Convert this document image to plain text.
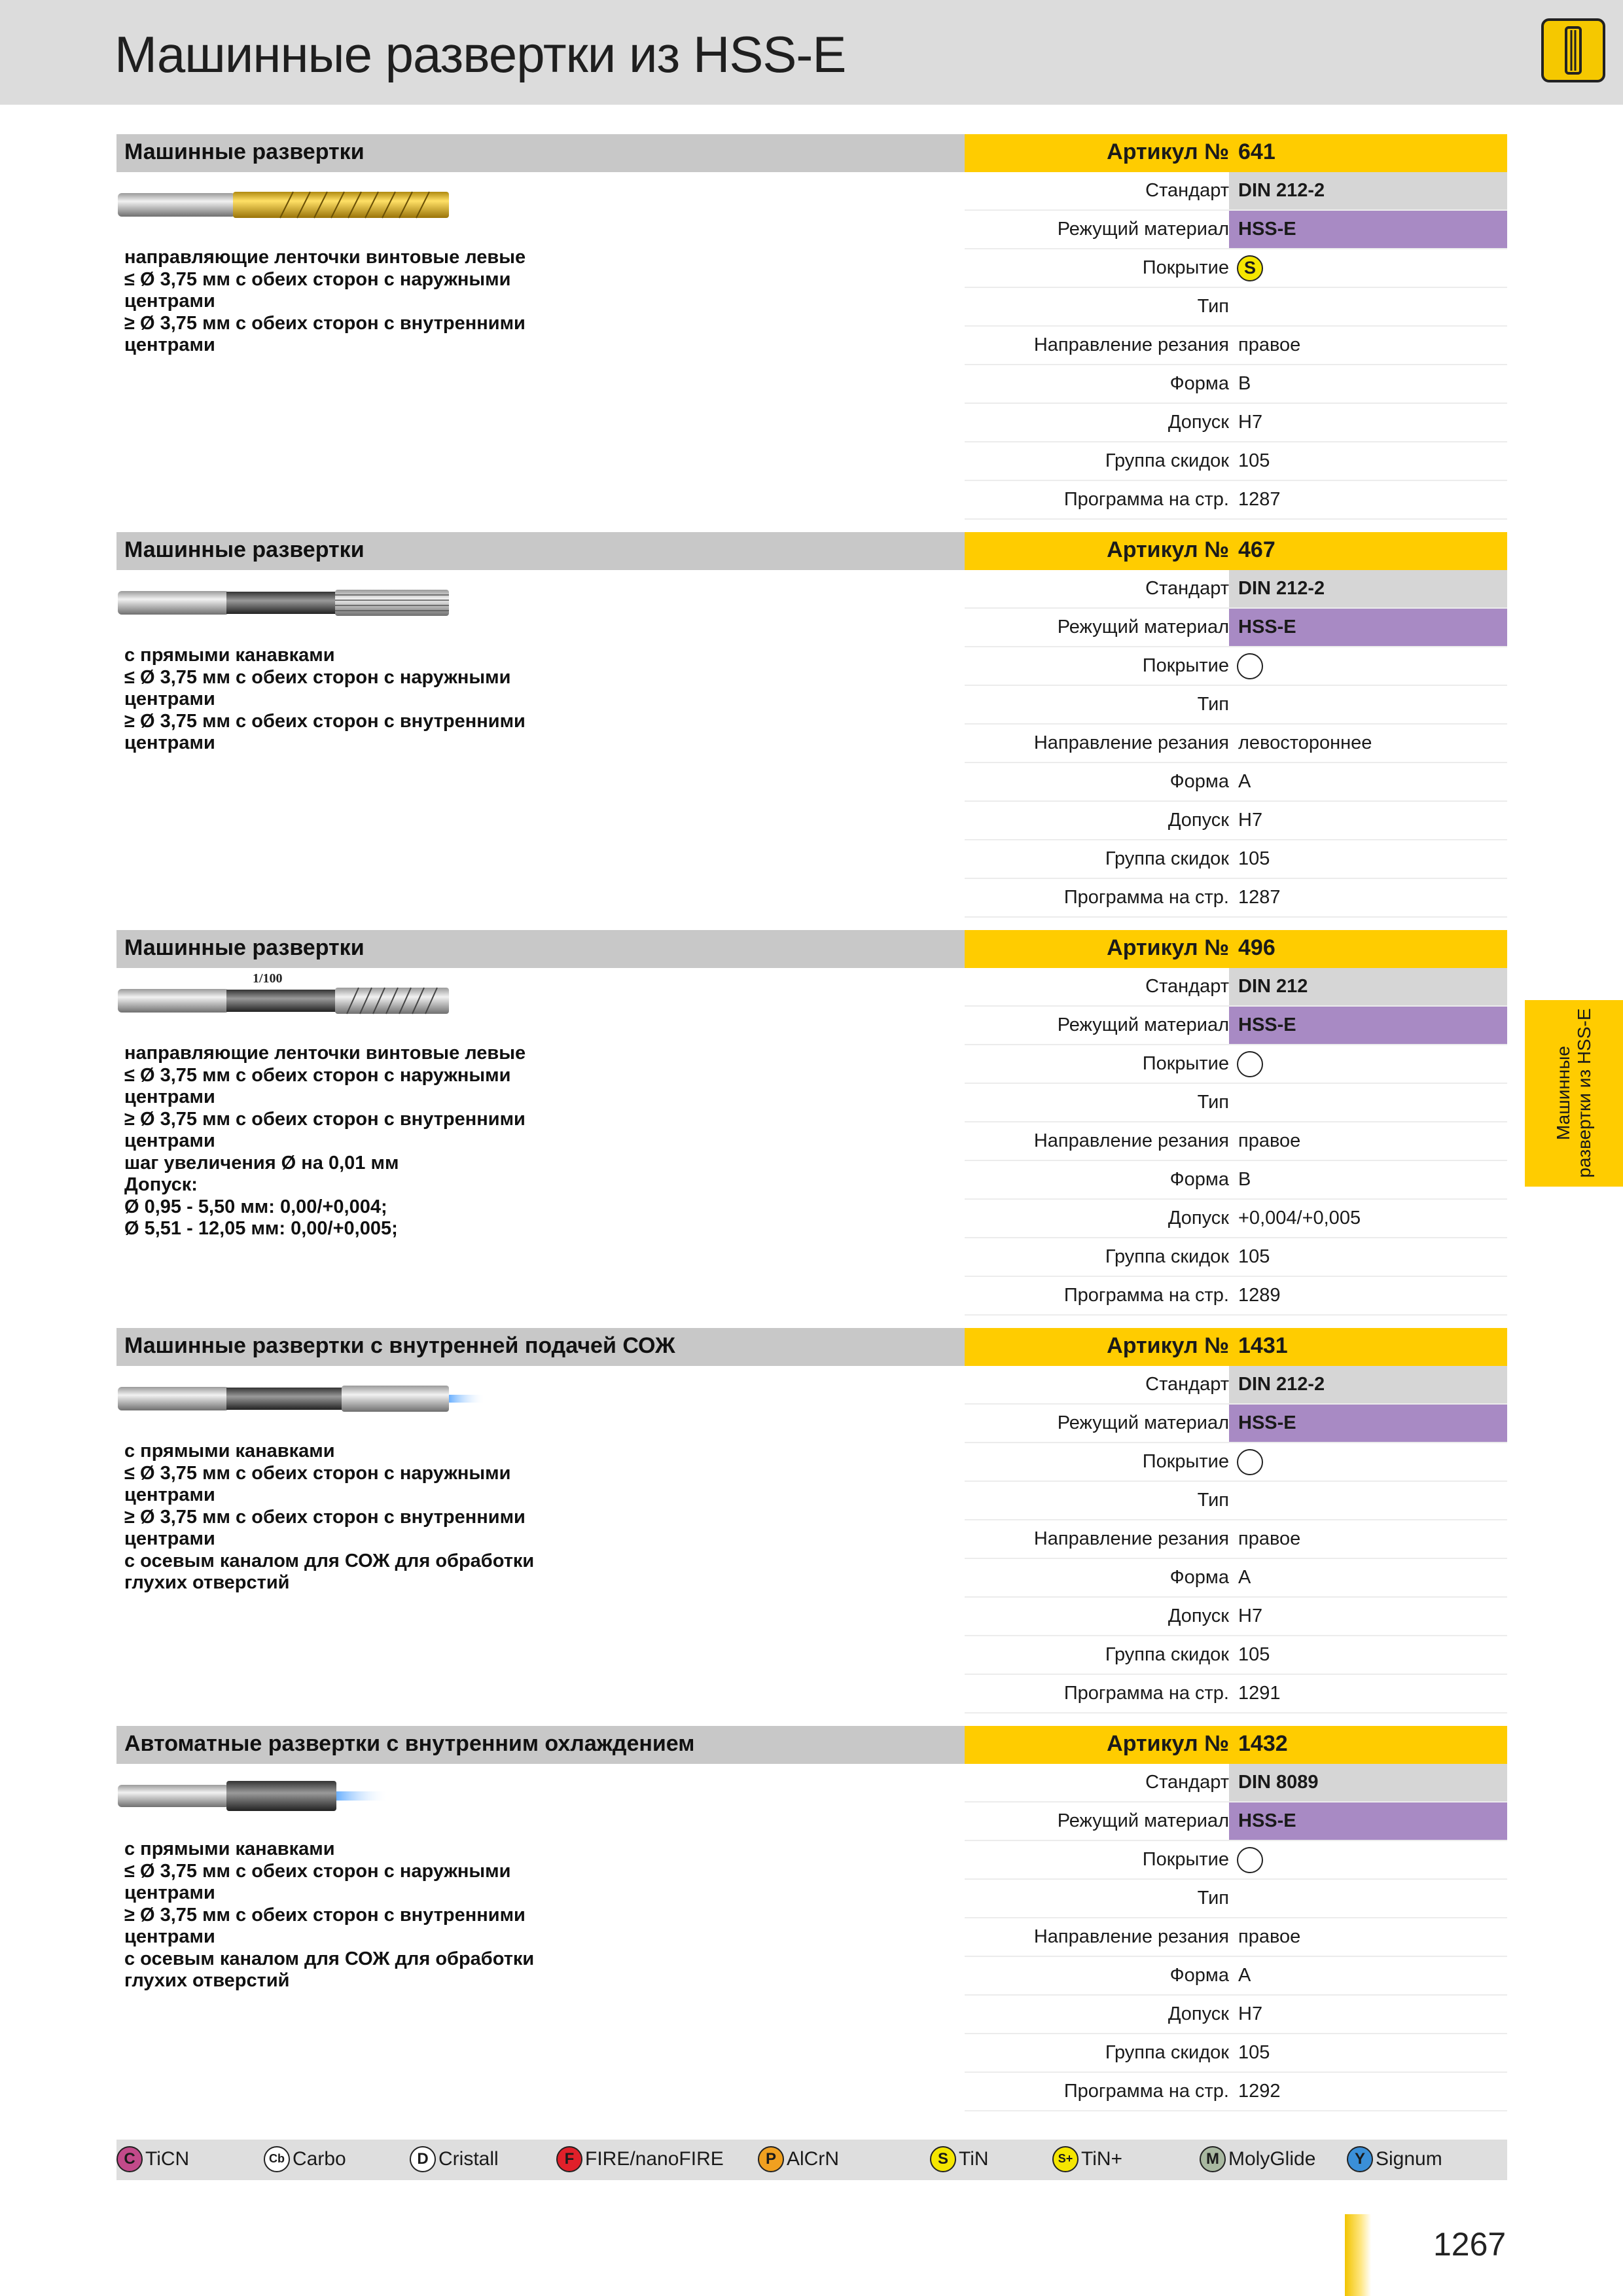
Машинные развертки из HSS-E
Машинные развертки	Артикул № 641
направляющие ленточки винтовые левые
≤ Ø 3,75 мм с обеих сторон с наружными центрами
≥ Ø 3,75 мм с обеих сторон с внутренними центрами
Стандарт DIN 212-2
Режущий материал HSS-E
Покрытие S
Тип
Направление резания правое
Форма B
Допуск H7
Группа скидок 105
Программа на стр. 1287
Машинные развертки	Артикул № 467
с прямыми канавками
≤ Ø 3,75 мм с обеих сторон с наружными центрами
≥ Ø 3,75 мм с обеих сторон с внутренними центрами
Стандарт DIN 212-2
Режущий материал HSS-E
Покрытие
Тип
Направление резания левостороннее
Форма A
Допуск H7
Группа скидок 105
Программа на стр. 1287
Машинные развертки	Артикул № 496
1/100
направляющие ленточки винтовые левые
≤ Ø 3,75 мм с обеих сторон с наружными центрами
≥ Ø 3,75 мм с обеих сторон с внутренними центрами
шаг увеличения Ø на 0,01 мм
Допуск:
Ø 0,95 - 5,50 мм: 0,00/+0,004;
Ø 5,51 - 12,05 мм: 0,00/+0,005;
Стандарт DIN 212
Режущий материал HSS-E
Покрытие
Тип
Направление резания правое
Форма B
Допуск +0,004/+0,005
Группа скидок 105
Программа на стр. 1289
Машинные развертки с внутренней подачей СОЖ	Артикул № 1431
с прямыми канавками
≤ Ø 3,75 мм с обеих сторон с наружными центрами
≥ Ø 3,75 мм с обеих сторон с внутренними центрами
с осевым каналом для СОЖ для обработки глухих отверстий
Стандарт DIN 212-2
Режущий материал HSS-E
Покрытие
Тип
Направление резания правое
Форма A
Допуск H7
Группа скидок 105
Программа на стр. 1291
Автоматные развертки с внутренним охлаждением	Артикул № 1432
с прямыми канавками
≤ Ø 3,75 мм с обеих сторон с наружными центрами
≥ Ø 3,75 мм с обеих сторон с внутренними центрами
с осевым каналом для СОЖ для обработки глухих отверстий
Стандарт DIN 8089
Режущий материал HSS-E
Покрытие
Тип
Направление резания правое
Форма A
Допуск H7
Группа скидок 105
Программа на стр. 1292
Машинные
развертки из HSS-E
C TiCN	Cb Carbo	D Cristall	F FIRE/nanoFIRE	P AlCrN	S TiN	S+ TiN+	M MolyGlide	Y Signum
1267
